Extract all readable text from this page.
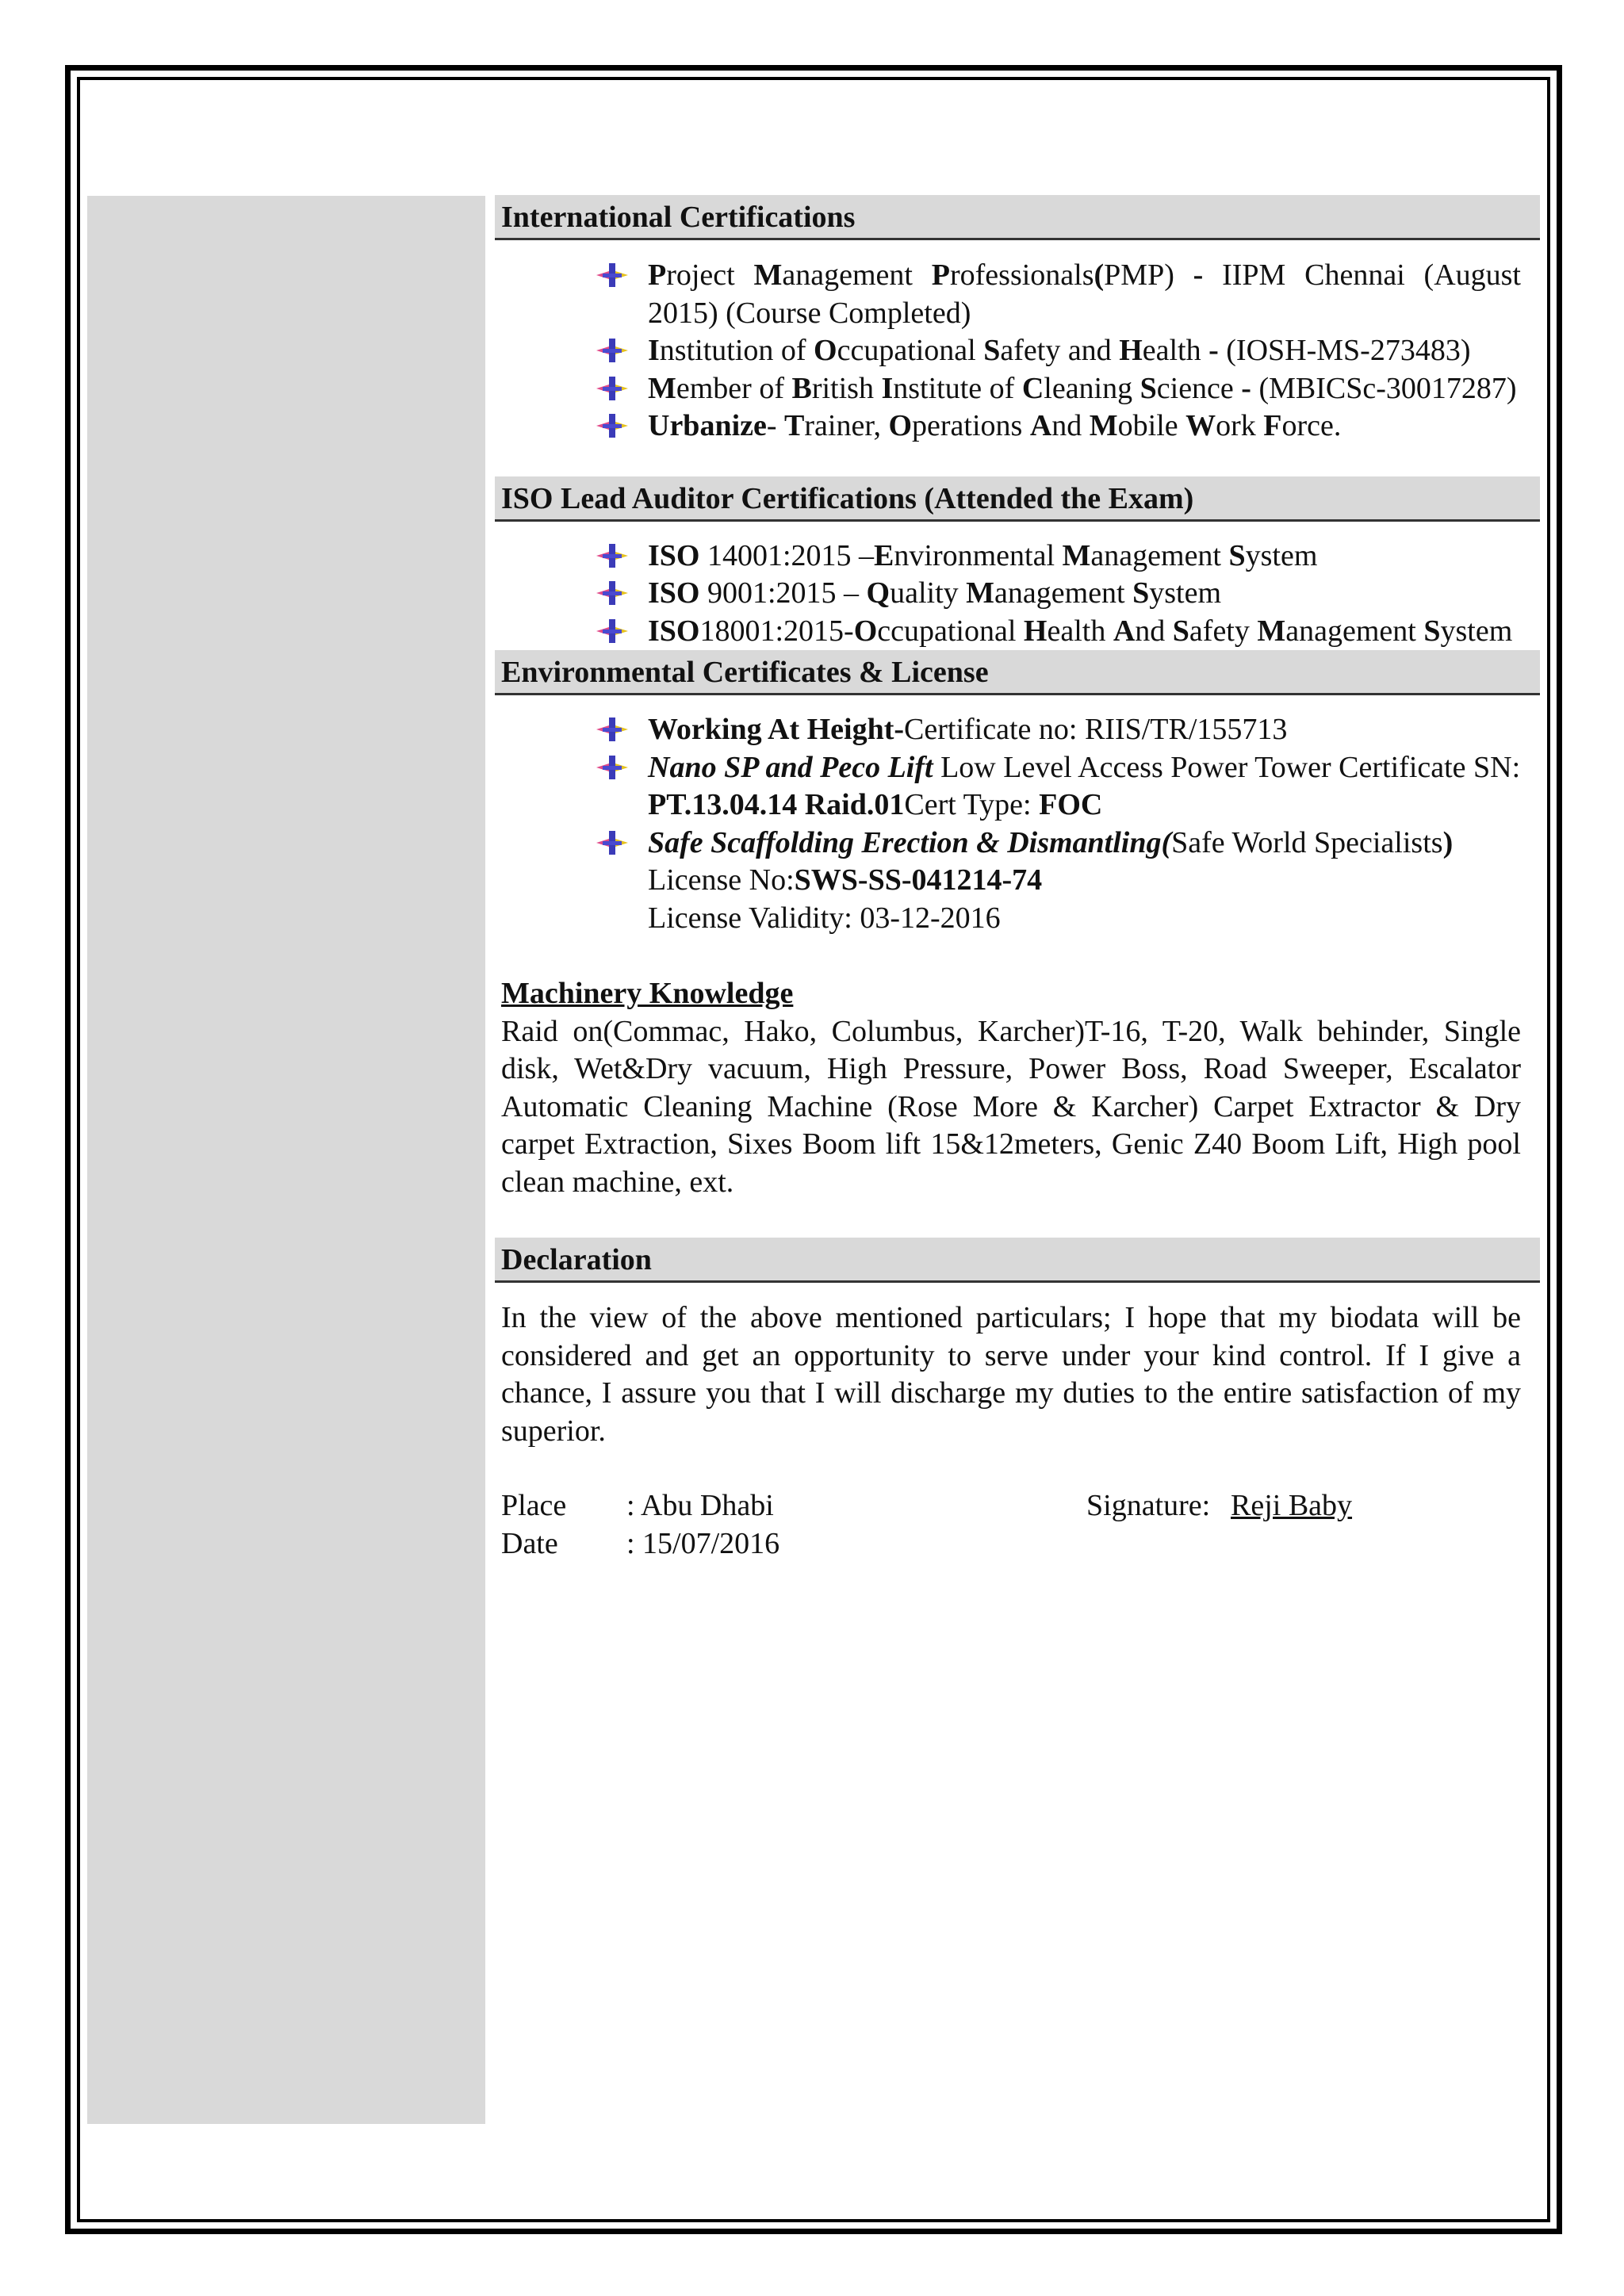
International Certifications
Project Management Professionals(PMP) - IIPM Chennai (August 2015) (Course Completed)
Institution of Occupational Safety and Health - (IOSH-MS-273483)
Member of British Institute of Cleaning Science - (MBICSc-30017287)
Urbanize- Trainer, Operations And Mobile Work Force.
ISO Lead Auditor Certifications (Attended the Exam)
ISO 14001:2015 –Environmental Management System
ISO 9001:2015 – Quality Management System
ISO18001:2015-Occupational Health And Safety Management System
Environmental Certificates & License
Working At Height-Certificate no: RIIS/TR/155713
Nano SP and Peco Lift Low Level Access Power Tower Certificate SN: PT.13.04.14 Raid.01Cert Type: FOC
Safe Scaffolding Erection & Dismantling(Safe World Specialists)
License No:SWS-SS-041214-74
License Validity: 03-12-2016
Machinery Knowledge
Raid on(Commac, Hako, Columbus, Karcher)T-16, T-20, Walk behinder, Single disk, Wet&Dry vacuum, High Pressure, Power Boss, Road Sweeper, Escalator Automatic Cleaning Machine (Rose More & Karcher) Carpet Extractor & Dry carpet Extraction, Sixes Boom lift 15&12meters, Genic Z40 Boom Lift, High pool clean machine, ext.
Declaration
In the view of the above mentioned particulars; I hope that my biodata will be considered and get an opportunity to serve under your kind control. If I give a chance, I assure you that I will discharge my duties to the entire satisfaction of my superior.
Place : Abu Dhabi	Signature: Reji Baby
Date : 15/07/2016
